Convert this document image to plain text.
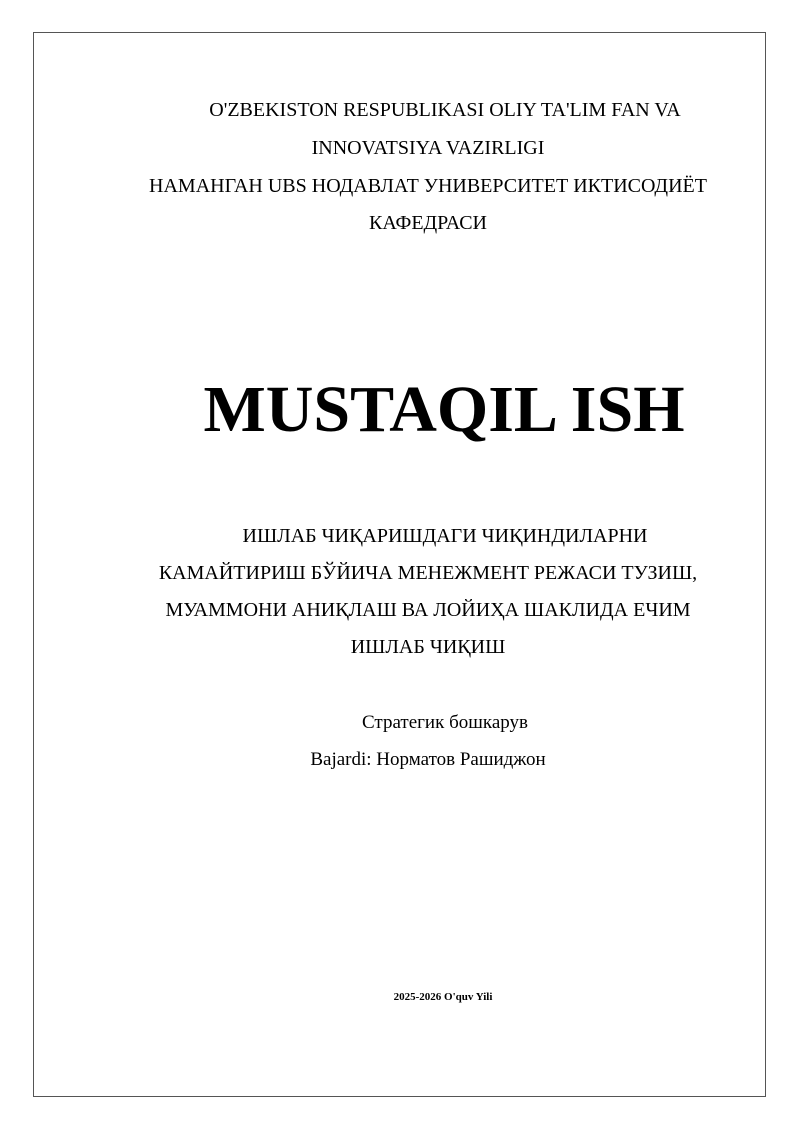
O'ZBEKISTON RESPUBLIKASI OLIY TA'LIM FAN VA
INNOVATSIYA VAZIRLIGI
НАМАНГАН UBS НОДАВЛАТ УНИВЕРСИТЕТ ИКТИСОДИЁТ
КАФЕДРАСИ
MUSTAQIL ISH
ИШЛАБ ЧИҚАРИШДАГИ ЧИҚИНДИЛАРНИ
КАМАЙТИРИШ БЎЙИЧА МЕНЕЖМЕНТ РЕЖАСИ ТУЗИШ,
МУАММОНИ АНИҚЛАШ ВА ЛОЙИҲА ШАКЛИДА ЕЧИМ
ИШЛАБ ЧИҚИШ
Стратегик бошкарув
Bajardi: Норматов Рашиджон
2025-2026 O'quv Yili
